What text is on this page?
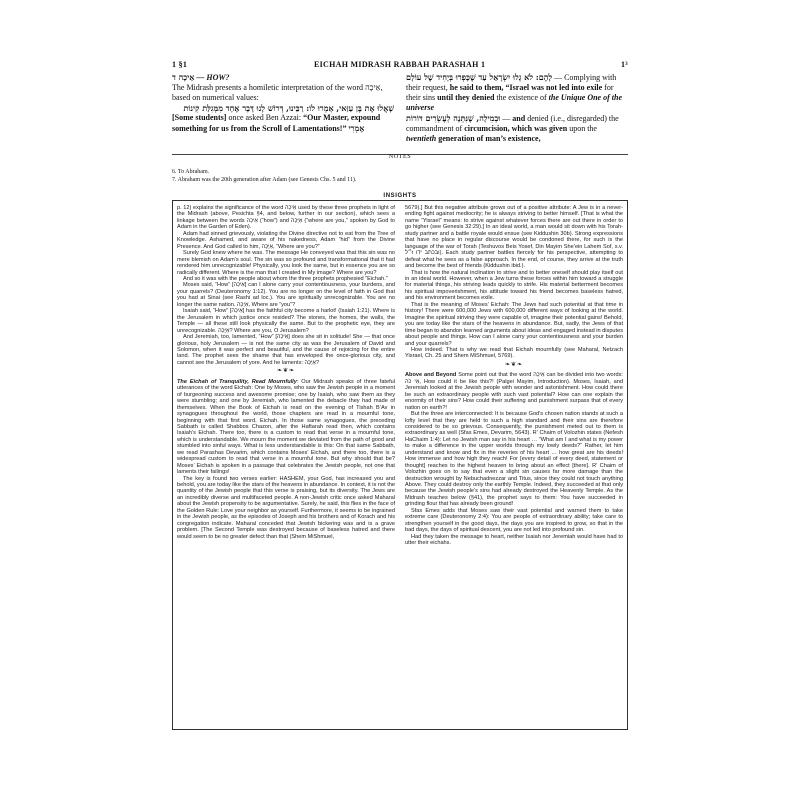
1 §1	EICHAH MIDRASH RABBAH PARASHAH 1	1³
אֵיכָה ד — HOW?
The Midrash presents a homiletic interpretation of the word אֵיכָה, based on numerical values:
שָׁאֲלוּ אֶת בֶּן עַזַּאי, אָמְרוּ לוֹ: רַבֵּינוּ, דְּרוֹשׁ לָנוּ דָּבָר אֶחָד מִמְּגִלַּת קִינוֹת
[Some students] once asked Ben Azzai: “Our Master, expound something for us from the Scroll of Lamentations!” אֶמְרִי
לָהֶם: לֹא גָלוּ יִשְׂרָאֵל עַד שֶׁכָּפְרוּ בְּיָחִיד שֶׁל עוֹלָם — Complying with their request, he said to them, “Israel was not led into exile for their sins until they denied the existence of the Unique One of the universe
וּבְמִילָה, שֶׁנִּתְּנָה לְעֶשְׂרִים דּוֹרוֹת — and denied (i.e., disregarded) the commandment of circumcision, which was given upon the twentieth generation of man’s existence,
NOTES
6. To Abraham.
7. Abraham was the 20th generation after Adam (see Genesis Chs. 5 and 11).
INSIGHTS

p. 12) explains the significance of the word אֵיכָה used by these three prophets in light of the Midrash (above, Pesichta §4, and below, further in our section), which sees a linkage between the words אֵיכָה (“how”) and אַיֶּכָּה (“where are you,” spoken by God to Adam in the Garden of Eden).

Adam had sinned grievously, violating the Divine directive not to eat from the Tree of Knowledge. Ashamed, and aware of his nakedness, Adam “hid” from the Divine Presence. And God called to him, אַיֶּכָּה, “Where are you?”

Surely God knew where he was. The message He conveyed was that this sin was no mere blemish on Adam’s soul. The sin was so profound and transformational that it had rendered him unrecognizable! Physically, you look the same, but in essence you are so radically different. Where is the man that I created in My image? Where are you?

And so it was with the people about whom the three prophets prophesied “Eichah.”

Moses said, “How” [אֵיכָה] can I alone carry your contentiousness, your burdens, and your quarrels? (Deuteronomy 1:12). You are no longer on the level of faith in God that you had at Sinai (see Rashi ad loc.). You are spiritually unrecognizable. You are no longer the same nation. אַיֶּכָּה, Where are “you”?

Isaiah said, “How” [אֵיכָה] has the faithful city become a harlot! (Isaiah 1:21). Where is the Jerusalem in which justice once resided? The stones, the homes, the walls, the Temple — all these still look physically the same. But to the prophetic eye, they are unrecognizable. אַיֶּכָּה? Where are you, O Jerusalem?

And Jeremiah, too, lamented, “How” [אֵיכָה] does she sit in solitude! She — that once glorious, holy Jerusalem — is not the same city as was the Jerusalem of David and Solomon, when it was perfect and beautiful, and the cause of rejoicing for the entire land. The prophet sees the shame that has enveloped the once-glorious city, and cannot see the Jerusalem of yore. And he laments: אַיֶּכָּה?

❧❦❧

The Eichah of Tranquility, Read Mournfully: Our Midrash speaks of three fateful utterances of the word Eichah: One by Moses, who saw the Jewish people in a moment of burgeoning success and awesome promise; one by Isaiah, who saw them as they were stumbling; and one by Jeremiah, who lamented the debacle they had made of themselves. When the Book of Eichah is read on the evening of Tishah B’Av in synagogues throughout the world, those chapters are read in a mournful tone, beginning with that first word, Eichah. In those same synagogues, the preceding Sabbath is called Shabbos Chazon, after the Haftarah read then, which contains Isaiah’s Eichah. There too, there is a custom to read that verse in a mournful tone, which is understandable. We mourn the moment we deviated from the path of good and stumbled into sinful ways. What is less understandable is this: On that same Sabbath, we read Parashas Devarim, which contains Moses’ Eichah, and there too, there is a widespread custom to read that verse in a mournful tone. But why should that be? Moses’ Eichah is spoken in a passage that celebrates the Jewish people, not one that laments their failings!

The key is found two verses earlier: HASHEM, your God, has increased you and behold, you are today like the stars of the heavens in abundance. In context, it is not the quantity of the Jewish people that this verse is praising, but its diversity. The Jews are an incredibly diverse and multifaceted people. A non-Jewish critic once asked Maharal about the Jewish propensity to be argumentative. Surely, he said, this flies in the face of the Golden Rule: Love your neighbor as yourself. Furthermore, it seems to be ingrained in the Jewish people, as the episodes of Joseph and his brothers and of Korach and his congregation indicate. Maharal conceded that Jewish bickering was and is a grave problem. [The Second Temple was destroyed because of baseless hatred and there would seem to be no greater defect than that (Shem MiShmuel,

5679).] But this negative attribute grows out of a positive attribute: A Jew is in a never-ending fight against mediocrity; he is always striving to better himself. [That is what the name “Yisrael” means: to strive against whatever forces there are out there in order to go higher (see Genesis 32:29).] In an ideal world, a man would sit down with his Torah-study partner and a battle royale would ensue (see Kiddushin 30b). Strong expressions that have no place in regular discourse would be condoned there, for such is the language of the war of Torah (Teshuvos Beis Yosef, Din Mayim She’ein Lahem Sof, s.v. ובכתב ידו ז״ל). Each study partner battles fiercely for his perspective, attempting to defeat what he sees as a false approach. In the end, of course, they arrive at the truth and become the best of friends (Kiddushin ibid.).

That is how the natural inclination to strive and to better oneself should play itself out in an ideal world. However, when a Jew turns these forces within him toward a struggle for material things, his striving leads quickly to strife. His material betterment becomes his spiritual impoverishment, his attitude toward his friend becomes baseless hatred, and his environment becomes exile.

That is the meaning of Moses’ Eichah: The Jews had such potential at that time in history! There were 600,000 Jews with 600,000 different ways of looking at the world. Imagine the spiritual striving they were capable of, imagine their potential gains! Behold, you are today like the stars of the heavens in abundance. But, sadly, the Jews of that time began to abandon learned arguments about ideas and engaged instead in disputes about people and things. How can I alone carry your contentiousness and your burden and your quarrels?

How indeed. That is why we read that Eichah mournfully (see Maharal, Netzach Yisrael, Ch. 25 and Shem MiShmuel, 5769).

❧❦❧

Above and Beyond Some point out that the word אֵיכָה can be divided into two words: אֵי כֹּה, How could it be like this?! (Palgei Mayim, Introduction). Moses, Isaiah, and Jeremiah looked at the Jewish people with wonder and astonishment. How could there be such an extraordinary people with such vast potential? How can one explain the enormity of their sins? How could their suffering and punishment surpass that of every nation on earth?!

But the three are interconnected: It is because God’s chosen nation stands at such a lofty level that they are held to such a high standard and their sins are therefore considered to be so grievous. Consequently, the punishment meted out to them is extraordinary as well (Sfas Emes, Devarim, 5643). R’ Chaim of Volozhin states (Nefesh HaChaim 1:4): Let no Jewish man say in his heart … “What am I and what is my power to make a difference in the upper worlds through my lowly deeds?” Rather, let him understand and know and fix in the reveries of his heart … how great are his deeds! How immense and how high they reach! For [every detail of every deed, statement or thought] reaches to the highest heaven to bring about an effect [there]. R’ Chaim of Volozhin goes on to say that even a slight sin causes far more damage than the destruction wrought by Nebuchadnezzar and Titus, since they could not touch anything Above. They could destroy only the earthly Temple. Indeed, they succeeded at that only because the Jewish people’s sins had already destroyed the Heavenly Temple. As the Midrash teaches below (§41), the prophet says to them: You have succeeded in grinding flour that has already been ground!

Sfas Emes adds that Moses saw their vast potential and warned them to take extreme care (Deuteronomy 2:4): You are people of extraordinary ability; take care to strengthen yourself in the good days, the days you are inspired to grow, so that in the bad days, the days of spiritual descent, you are not led into profound sin.

Had they taken the message to heart, neither Isaiah nor Jeremiah would have had to utter their eichahs.
